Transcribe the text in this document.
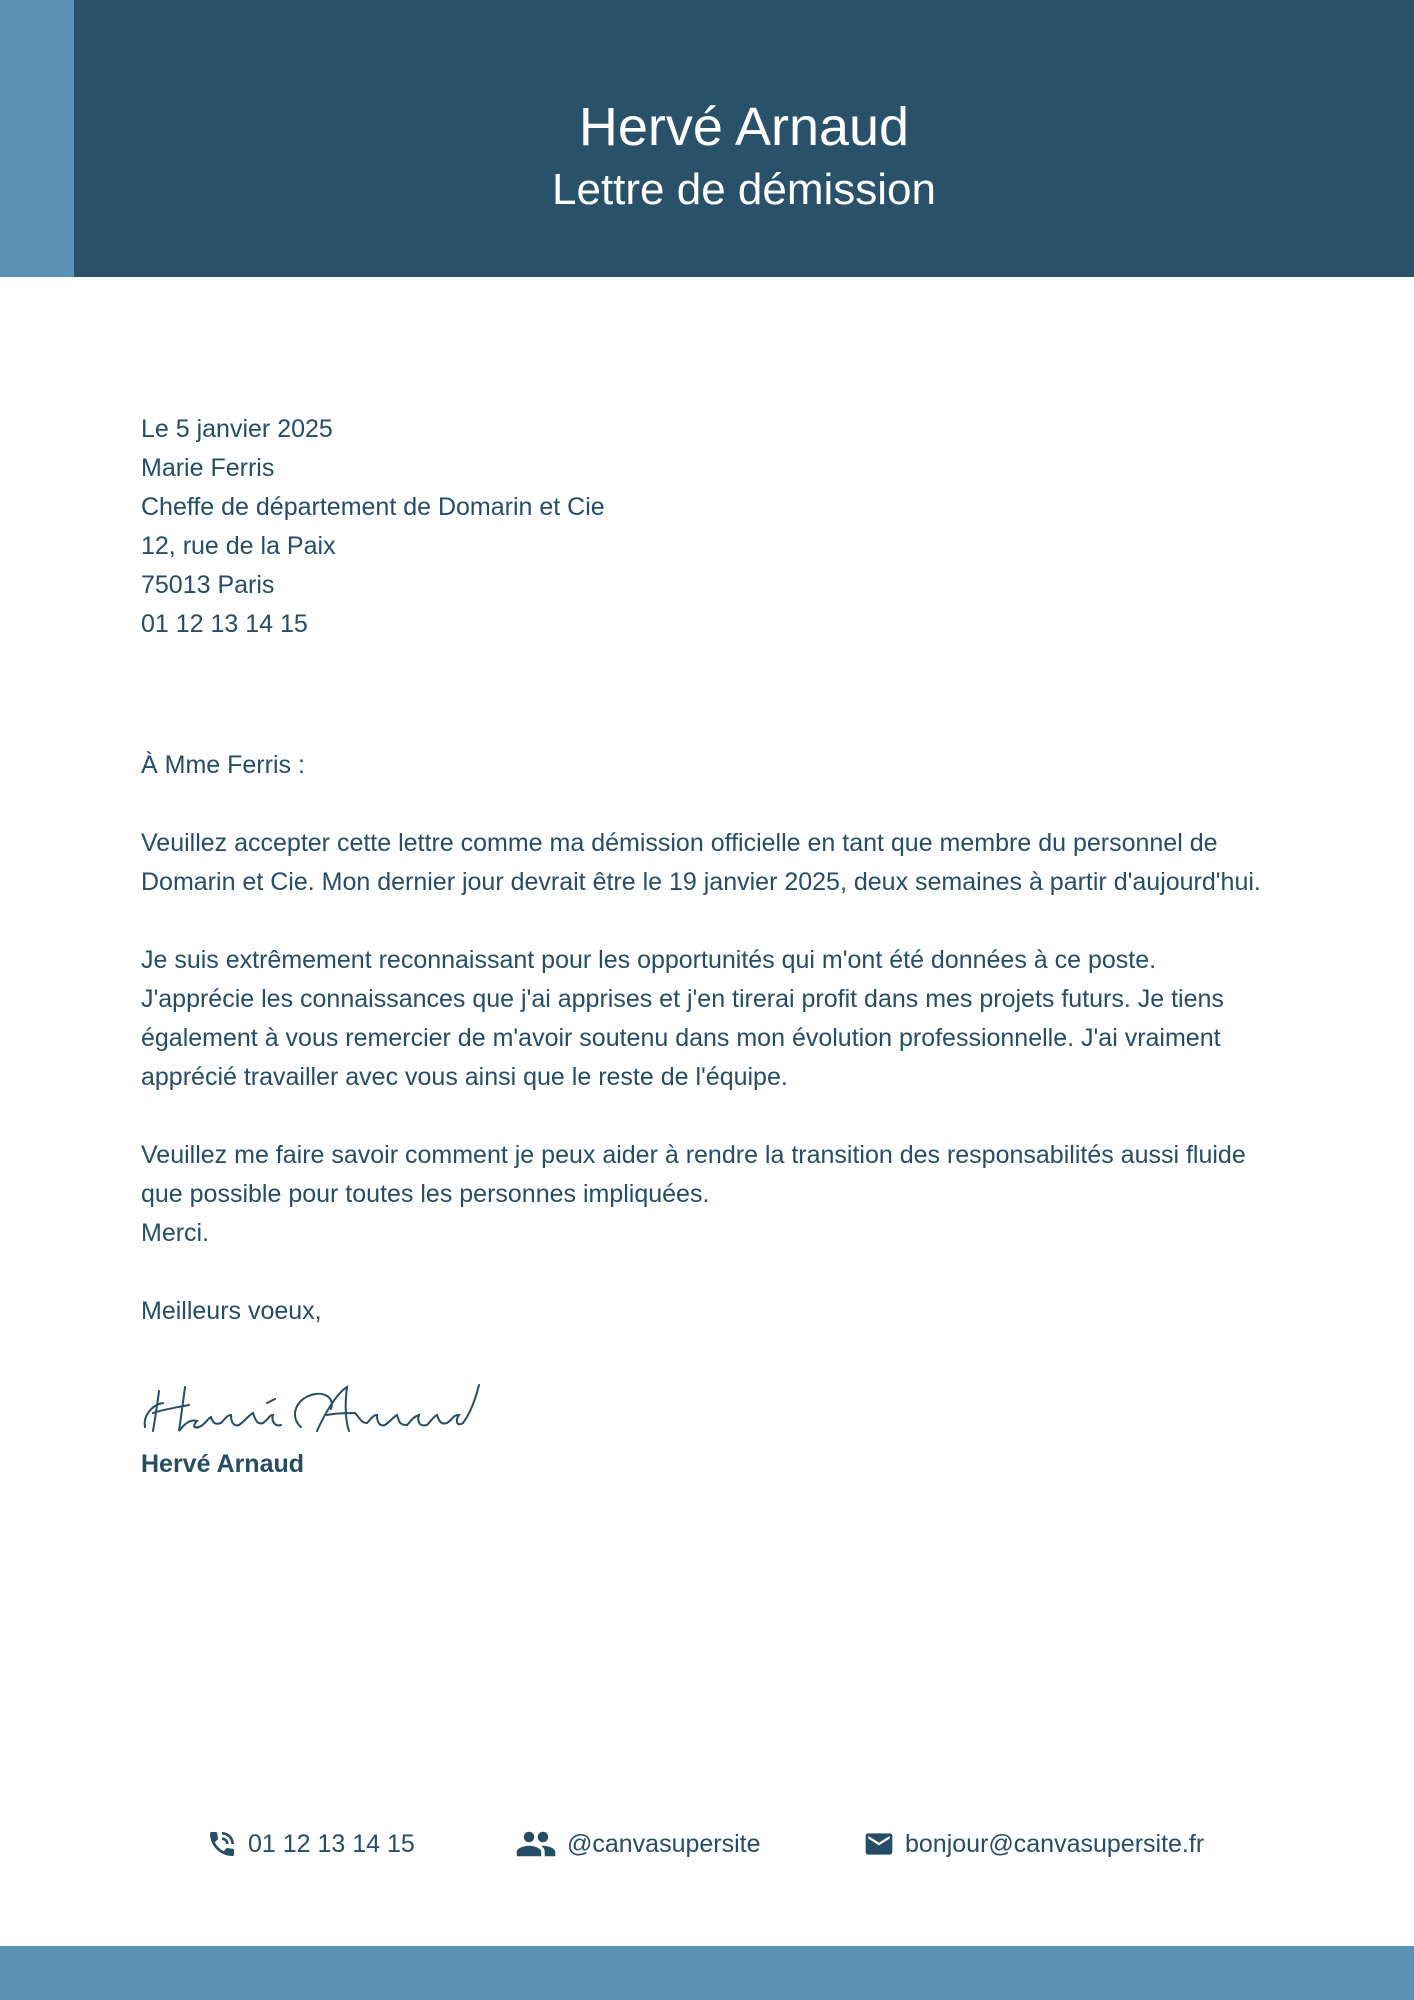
Hervé Arnaud
Lettre de démission

Le 5 janvier 2025

Marie Ferris

Cheffe de département de Domarin et Cie

12, rue de la Paix

75013 Paris

01 12 13 14 15

À Mme Ferris :

Veuillez accepter cette lettre comme ma démission officielle en tant que membre du personnel de Domarin et Cie. Mon dernier jour devrait être le 19 janvier 2025, deux semaines à partir d'aujourd'hui.

Je suis extrêmement reconnaissant pour les opportunités qui m'ont été données à ce poste. J'apprécie les connaissances que j'ai apprises et j'en tirerai profit dans mes projets futurs. Je tiens également à vous remercier de m'avoir soutenu dans mon évolution professionnelle. J'ai vraiment apprécié travailler avec vous ainsi que le reste de l'équipe.

Veuillez me faire savoir comment je peux aider à rendre la transition des responsabilités aussi fluide que possible pour toutes les personnes impliquées.

Merci.

Meilleurs voeux,

Hervé Arnaud

01 12 13 14 15	@canvasupersite	bonjour@canvasupersite.fr
